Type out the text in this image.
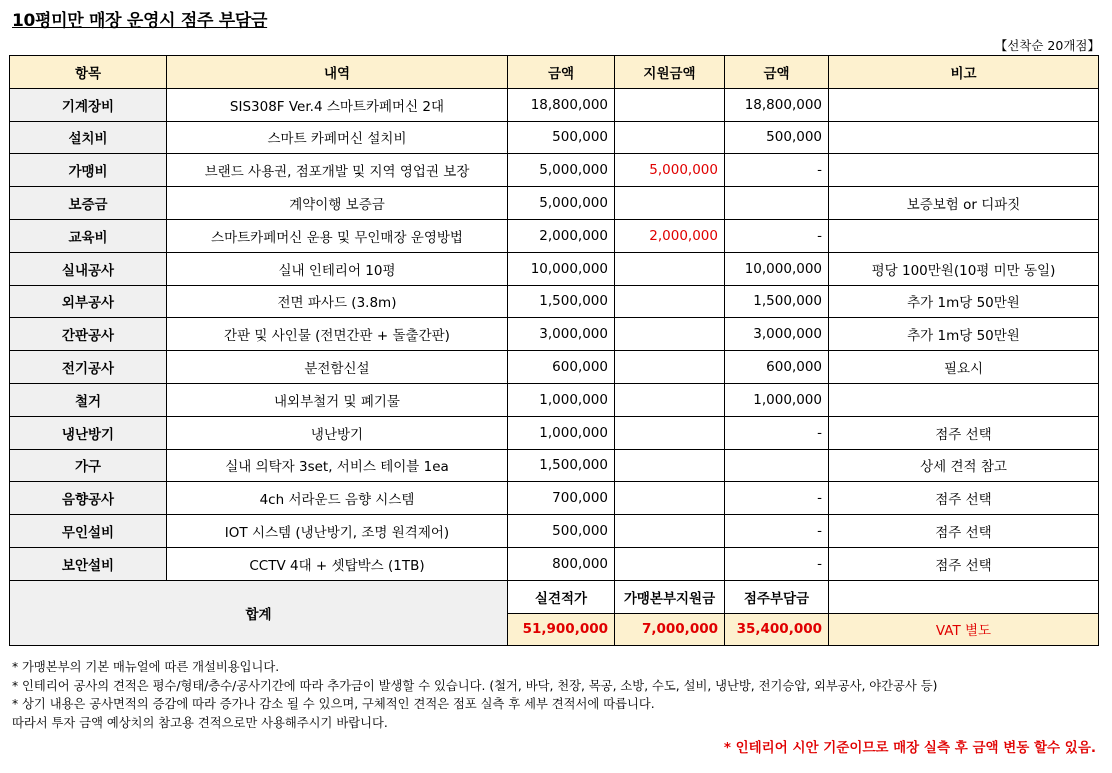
10평미만 매장 운영시 점주 부담금
【선착순 20개점】
항목	내역	금액	지원금액	금액	비고
기계장비	SIS308F Ver.4 스마트카페머신 2대	18,800,000		18,800,000	
설치비	스마트 카페머신 설치비	500,000		500,000	
가맹비	브랜드 사용권, 점포개발 및 지역 영업권 보장	5,000,000	5,000,000	-	
보증금	계약이행 보증금	5,000,000			보증보험 or 디파짓
교육비	스마트카페머신 운용 및 무인매장 운영방법	2,000,000	2,000,000	-	
실내공사	실내 인테리어 10평	10,000,000		10,000,000	평당 100만원(10평 미만 동일)
외부공사	전면 파사드 (3.8m)	1,500,000		1,500,000	추가 1m당 50만원
간판공사	간판 및 사인물 (전면간판 + 돌출간판)	3,000,000		3,000,000	추가 1m당 50만원
전기공사	분전함신설	600,000		600,000	필요시
철거	내외부철거 및 폐기물	1,000,000		1,000,000	
냉난방기	냉난방기	1,000,000		-	점주 선택
가구	실내 의탁자 3set, 서비스 테이블 1ea	1,500,000			상세 견적 참고
음향공사	4ch 서라운드 음향 시스템	700,000		-	점주 선택
무인설비	IOT 시스템 (냉난방기, 조명 원격제어)	500,000		-	점주 선택
보안설비	CCTV 4대 + 셋탑박스 (1TB)	800,000		-	점주 선택
합계		실견적가	가맹본부지원금	점주부담금	
		51,900,000	7,000,000	35,400,000	VAT 별도
* 가맹본부의 기본 매뉴얼에 따른 개설비용입니다.
* 인테리어 공사의 견적은 평수/형태/층수/공사기간에 따라 추가금이 발생할 수 있습니다. (철거, 바닥, 천장, 목공, 소방, 수도, 설비, 냉난방, 전기승압, 외부공사, 야간공사 등)
* 상기 내용은 공사면적의 증감에 따라 증가나 감소 될 수 있으며, 구체적인 견적은 점포 실측 후 세부 견적서에 따릅니다.
따라서 투자 금액 예상치의 참고용 견적으로만 사용해주시기 바랍니다.
* 인테리어 시안 기준이므로 매장 실측 후 금액 변동 할수 있음.
